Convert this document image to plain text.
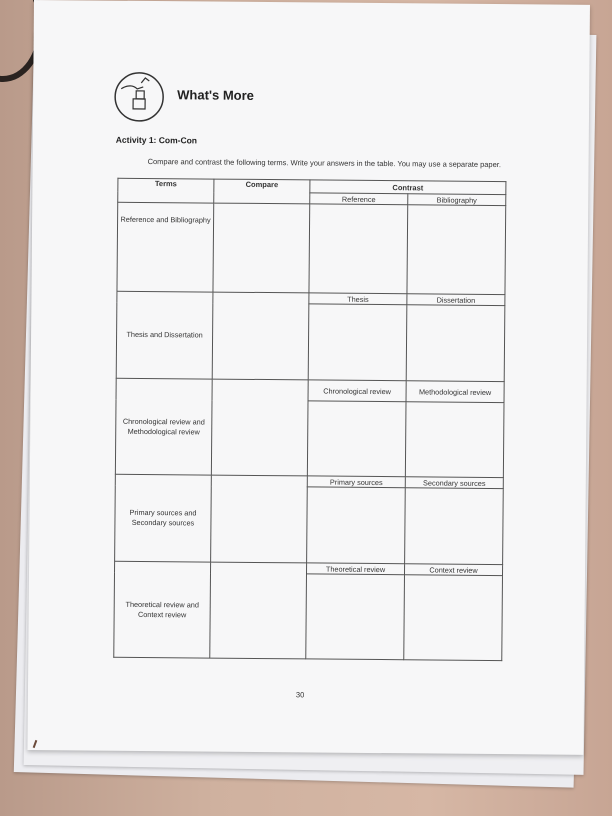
What's More
Activity 1: Com-Con
Compare and contrast the following terms. Write your answers in the table. You may use a separate paper.
Terms	Compare	Contrast	
		Reference	Bibliography
Reference and Bibliography			
Thesis and Dissertation		Thesis	Dissertation

Chronological review and Methodological review		Chronological review	Methodological review

Primary sources and Secondary sources		Primary sources	Secondary sources

Theoretical review and Context review		Theoretical review	Context review

30
